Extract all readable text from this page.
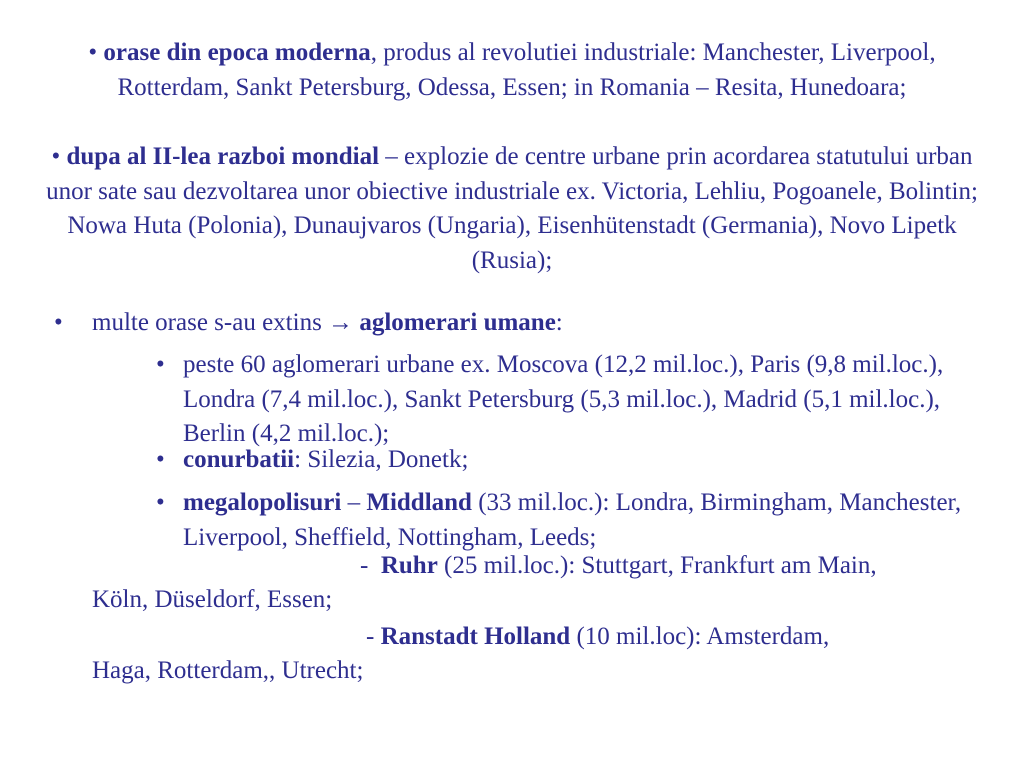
• orase din epoca moderna, produs al revolutiei industriale: Manchester, Liverpool, Rotterdam, Sankt Petersburg, Odessa, Essen; in Romania – Resita, Hunedoara;
• dupa al II-lea razboi mondial – explozie de centre urbane prin acordarea statutului urban unor sate sau dezvoltarea unor obiective industriale ex. Victoria, Lehliu, Pogoanele, Bolintin; Nowa Huta (Polonia), Dunaujvaros (Ungaria), Eisenhütenstadt (Germania), Novo Lipetk (Rusia);
• multe orase s-au extins → aglomerari umane:
• peste 60 aglomerari urbane ex. Moscova (12,2 mil.loc.), Paris (9,8 mil.loc.), Londra (7,4 mil.loc.), Sankt Petersburg (5,3 mil.loc.), Madrid (5,1 mil.loc.), Berlin (4,2 mil.loc.);
• conurbatii: Silezia, Donetk;
• megalopolisuri – Middland (33 mil.loc.): Londra, Birmingham, Manchester, Liverpool, Sheffield, Nottingham, Leeds;
-  Ruhr (25 mil.loc.): Stuttgart, Frankfurt am Main,
Köln, Düseldorf, Essen;
- Ranstadt Holland (10 mil.loc): Amsterdam,
Haga, Rotterdam,, Utrecht;
